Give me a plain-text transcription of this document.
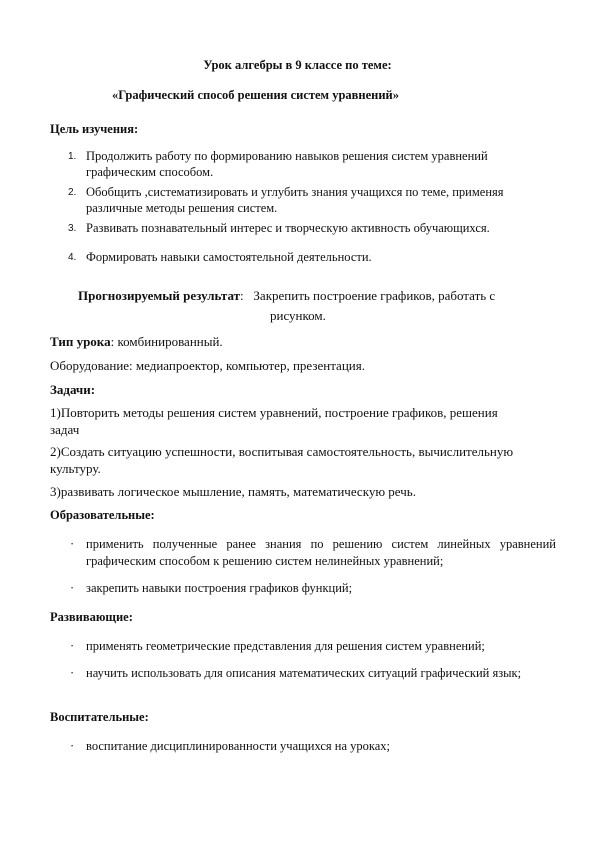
Урок алгебры в 9 классе по теме:
«Графический способ решения систем уравнений»
Цель изучения:
1. Продолжить работу по формированию навыков решения систем уравнений графическим способом.
2. Обобщить ,систематизировать и углубить знания учащихся по теме, применяя различные методы решения систем.
3. Развивать познавательный интерес и творческую активность обучающихся.
4. Формировать навыки самостоятельной деятельности.
Прогнозируемый результат: Закрепить построение графиков, работать с
рисунком.
Тип урока: комбинированный.
Оборудование: медиапроектор, компьютер, презентация.
Задачи:
1)Повторить методы решения систем уравнений, построение графиков, решения
задач
2)Создать ситуацию успешности, воспитывая самостоятельность, вычислительную
культуру.
3)развивать логическое мышление, память, математическую речь.
Образовательные:
· применить полученные ранее знания по решению систем линейных уравнений графическим способом к решению систем нелинейных уравнений;
· закрепить навыки построения графиков функций;
Развивающие:
· применять геометрические представления для решения систем уравнений;
· научить использовать для описания математических ситуаций графический язык;
Воспитательные:
· воспитание дисциплинированности учащихся на уроках;
